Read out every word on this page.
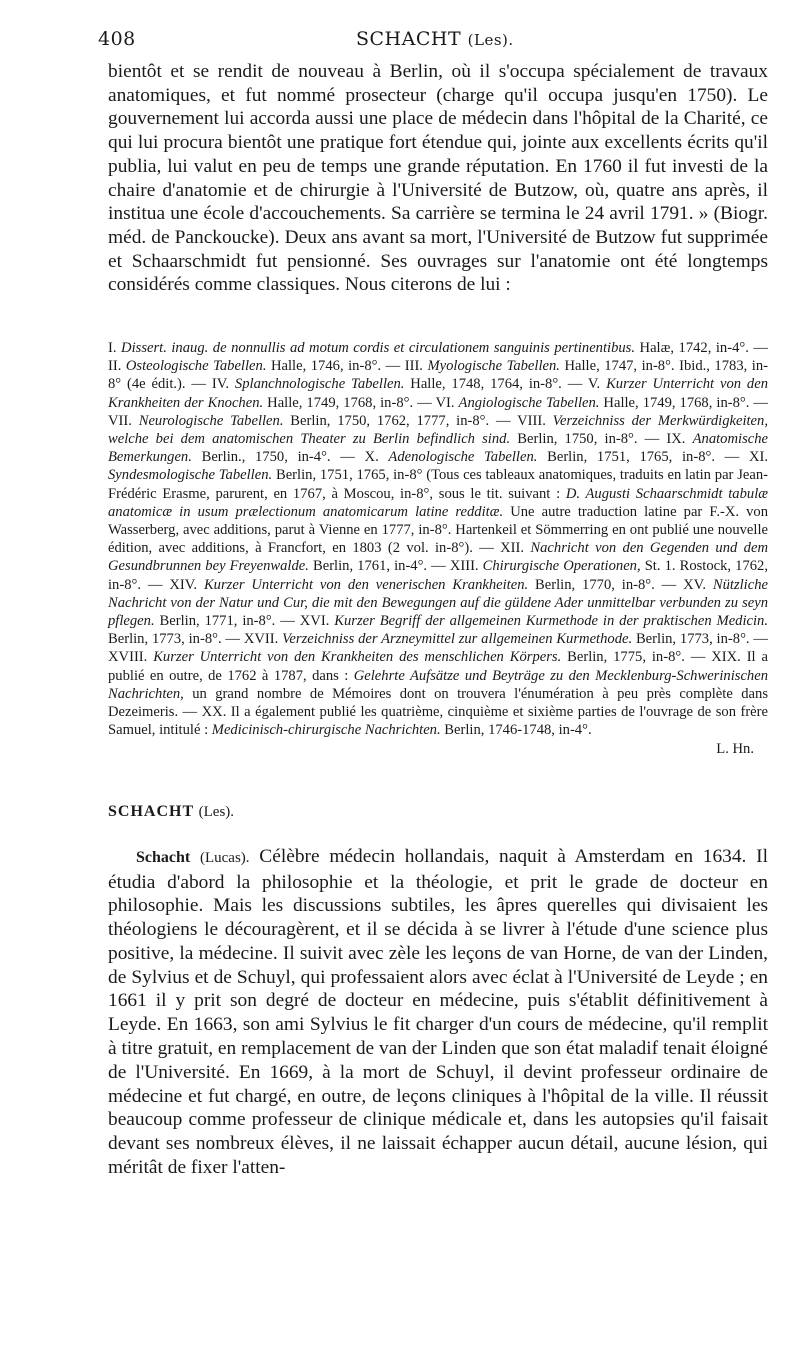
408	SCHACHT (Les).

bientôt et se rendit de nouveau à Berlin, où il s'occupa spécialement de travaux anatomiques, et fut nommé prosecteur (charge qu'il occupa jusqu'en 1750). Le gouvernement lui accorda aussi une place de médecin dans l'hôpital de la Charité, ce qui lui procura bientôt une pratique fort étendue qui, jointe aux excellents écrits qu'il publia, lui valut en peu de temps une grande réputation. En 1760 il fut investi de la chaire d'anatomie et de chirurgie à l'Université de Butzow, où, quatre ans après, il institua une école d'accouchements. Sa carrière se termina le 24 avril 1791. » (Biogr. méd. de Panckoucke). Deux ans avant sa mort, l'Université de Butzow fut supprimée et Schaarschmidt fut pensionné. Ses ouvrages sur l'anatomie ont été longtemps considérés comme classiques. Nous citerons de lui :

I. Dissert. inaug. de nonnullis ad motum cordis et circulationem sanguinis pertinentibus. Halæ, 1742, in-4°. — II. Osteologische Tabellen. Halle, 1746, in-8°. — III. Myologische Tabellen. Halle, 1747, in-8°. Ibid., 1783, in-8° (4e édit.). — IV. Splanchnologische Tabellen. Halle, 1748, 1764, in-8°. — V. Kurzer Unterricht von den Krankheiten der Knochen. Halle, 1749, 1768, in-8°. — VI. Angiologische Tabellen. Halle, 1749, 1768, in-8°. — VII. Neurologische Tabellen. Berlin, 1750, 1762, 1777, in-8°. — VIII. Verzeichniss der Merkwürdigkeiten, welche bei dem anatomischen Theater zu Berlin befindlich sind. Berlin, 1750, in-8°. — IX. Anatomische Bemerkungen. Berlin., 1750, in-4°. — X. Adenologische Tabellen. Berlin, 1751, 1765, in-8°. — XI. Syndesmologische Tabellen. Berlin, 1751, 1765, in-8° (Tous ces tableaux anatomiques, traduits en latin par Jean-Frédéric Erasme, parurent, en 1767, à Moscou, in-8°, sous le tit. suivant : D. Augusti Schaarschmidt tabulæ anatomicæ in usum prælectionum anatomicarum latine redditæ. Une autre traduction latine par F.-X. von Wasserberg, avec additions, parut à Vienne en 1777, in-8°. Hartenkeil et Sömmerring en ont publié une nouvelle édition, avec additions, à Francfort, en 1803 (2 vol. in-8°). — XII. Nachricht von den Gegenden und dem Gesundbrunnen bey Freyenwalde. Berlin, 1761, in-4°. — XIII. Chirurgische Operationen, St. 1. Rostock, 1762, in-8°. — XIV. Kurzer Unterricht von den venerischen Krankheiten. Berlin, 1770, in-8°. — XV. Nützliche Nachricht von der Natur und Cur, die mit den Bewegungen auf die güldene Ader unmittelbar verbunden zu seyn pflegen. Berlin, 1771, in-8°. — XVI. Kurzer Begriff der allgemeinen Kurmethode in der praktischen Medicin. Berlin, 1773, in-8°. — XVII. Verzeichniss der Arzneymittel zur allgemeinen Kurmethode. Berlin, 1773, in-8°. — XVIII. Kurzer Unterricht von den Krankheiten des menschlichen Körpers. Berlin, 1775, in-8°. — XIX. Il a publié en outre, de 1762 à 1787, dans : Gelehrte Aufsätze und Beyträge zu den Mecklenburg-Schwerinischen Nachrichten, un grand nombre de Mémoires dont on trouvera l'énumération à peu près complète dans Dezeimeris. — XX. Il a également publié les quatrième, cinquième et sixième parties de l'ouvrage de son frère Samuel, intitulé : Medicinisch-chirurgische Nachrichten. Berlin, 1746-1748, in-4°.

L. Hn.
SCHACHT (Les).

Schacht (Lucas). Célèbre médecin hollandais, naquit à Amsterdam en 1634. Il étudia d'abord la philosophie et la théologie, et prit le grade de docteur en philosophie. Mais les discussions subtiles, les âpres querelles qui divisaient les théologiens le découragèrent, et il se décida à se livrer à l'étude d'une science plus positive, la médecine. Il suivit avec zèle les leçons de van Horne, de van der Linden, de Sylvius et de Schuyl, qui professaient alors avec éclat à l'Université de Leyde ; en 1661 il y prit son degré de docteur en médecine, puis s'établit définitivement à Leyde. En 1663, son ami Sylvius le fit charger d'un cours de médecine, qu'il remplit à titre gratuit, en remplacement de van der Linden que son état maladif tenait éloigné de l'Université. En 1669, à la mort de Schuyl, il devint professeur ordinaire de médecine et fut chargé, en outre, de leçons cliniques à l'hôpital de la ville. Il réussit beaucoup comme professeur de clinique médicale et, dans les autopsies qu'il faisait devant ses nombreux élèves, il ne laissait échapper aucun détail, aucune lésion, qui méritât de fixer l'atten-
